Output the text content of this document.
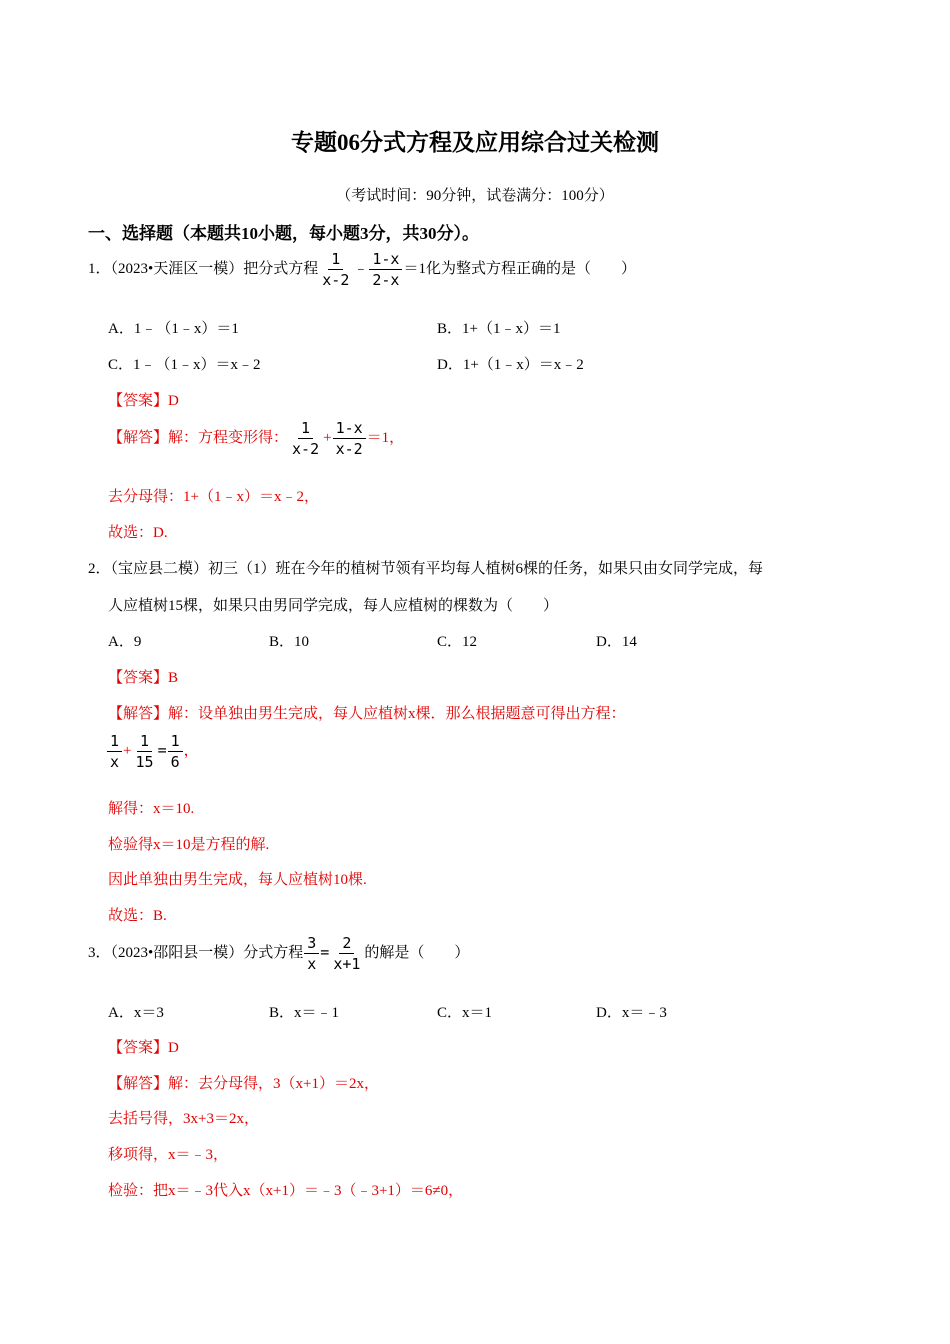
专题06分式方程及应用综合过关检测
（考试时间：90分钟，试卷满分：100分）
一、选择题（本题共10小题，每小题3分，共30分）。
1．（2023•天涯区一模）把分式方程 $\frac{1}{x-2}$ ﹣ $\frac{1-x}{2-x} =1$化为整式方程正确的是（　　）
A．1﹣（1﹣x）＝1	B．1+（1﹣x）＝1
C．1﹣（1﹣x）＝x﹣2	D．1+（1﹣x）＝x﹣2
【答案】D
【解答】解：方程变形得： $\frac{1}{x-2} + \frac{1-x}{x-2} =1$，
去分母得：1+（1﹣x）＝x﹣2，
故选：D.
2．（宝应县二模）初三（1）班在今年的植树节领有平均每人植树6棵的任务，如果只由女同学完成，每
人应植树15棵，如果只由男同学完成，每人应植树的棵数为（　　）
A．9	B．10	C．12	D．14
【答案】B
【解答】解：设单独由男生完成，每人应植树x棵．那么根据题意可得出方程：
$\frac{1}{x} + \frac{1}{15} = \frac{1}{6}$ ，
解得：x＝10.
检验得x＝10是方程的解.
因此单独由男生完成，每人应植树10棵.
故选：B.
3．（2023•邵阳县一模）分式方程 $\frac{3}{x} = \frac{2}{x+1}$ 的解是（　　）
A．x＝3	B．x＝﹣1	C．x＝1	D．x＝﹣3
【答案】D
【解答】解：去分母得，3（x+1）＝2x，
去括号得，3x+3＝2x，
移项得，x＝﹣3，
检验：把x＝﹣3代入x（x+1）＝﹣3（﹣3+1）＝6≠0，
